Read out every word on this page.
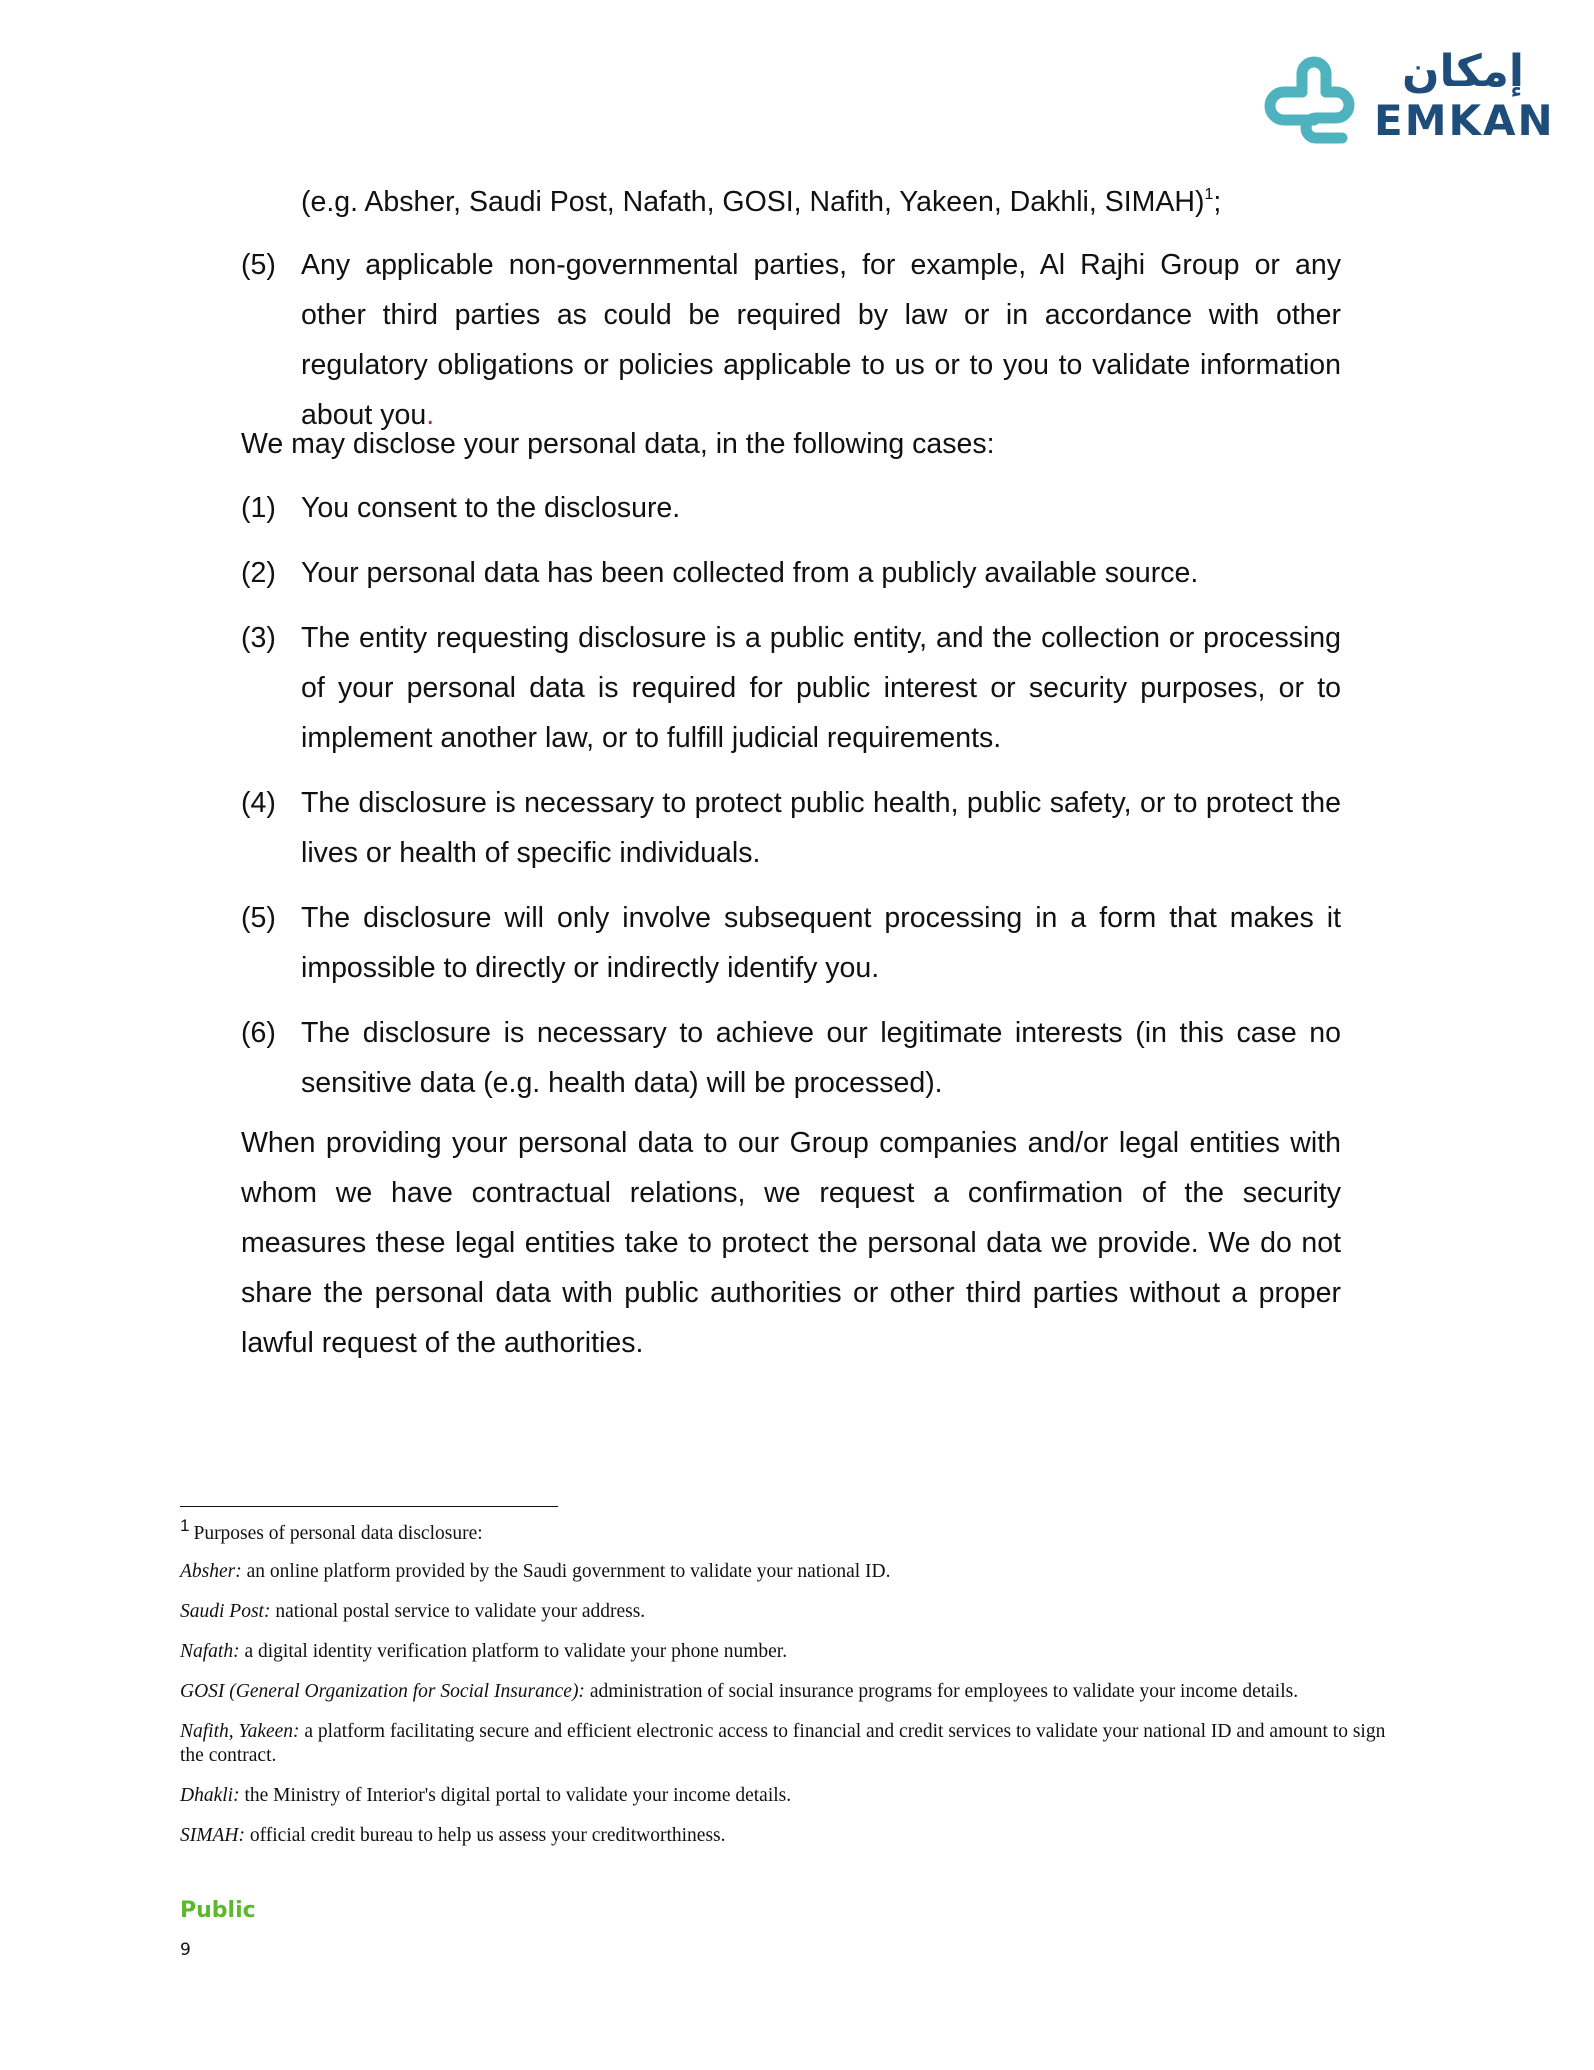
إمكان
EMKAN
(e.g. Absher, Saudi Post, Nafath, GOSI, Nafith, Yakeen, Dakhli, SIMAH)$^1$;
(5) Any applicable non-governmental parties, for example, Al Rajhi Group or any other third parties as could be required by law or in accordance with other regulatory obligations or policies applicable to us or to you to validate information about you.
We may disclose your personal data, in the following cases:
(1) You consent to the disclosure.
(2) Your personal data has been collected from a publicly available source.
(3) The entity requesting disclosure is a public entity, and the collection or processing of your personal data is required for public interest or security purposes, or to implement another law, or to fulfill judicial requirements.
(4) The disclosure is necessary to protect public health, public safety, or to protect the lives or health of specific individuals.
(5) The disclosure will only involve subsequent processing in a form that makes it impossible to directly or indirectly identify you.
(6) The disclosure is necessary to achieve our legitimate interests (in this case no sensitive data (e.g. health data) will be processed).
When providing your personal data to our Group companies and/or legal entities with whom we have contractual relations, we request a confirmation of the security measures these legal entities take to protect the personal data we provide. We do not share the personal data with public authorities or other third parties without a proper lawful request of the authorities.
1 Purposes of personal data disclosure:
Absher: an online platform provided by the Saudi government to validate your national ID.
Saudi Post: national postal service to validate your address.
Nafath: a digital identity verification platform to validate your phone number.
GOSI (General Organization for Social Insurance): administration of social insurance programs for employees to validate your income details.
Nafith, Yakeen: a platform facilitating secure and efficient electronic access to financial and credit services to validate your national ID and amount to sign the contract.
Dhakli: the Ministry of Interior's digital portal to validate your income details.
SIMAH: official credit bureau to help us assess your creditworthiness.
Public
9
